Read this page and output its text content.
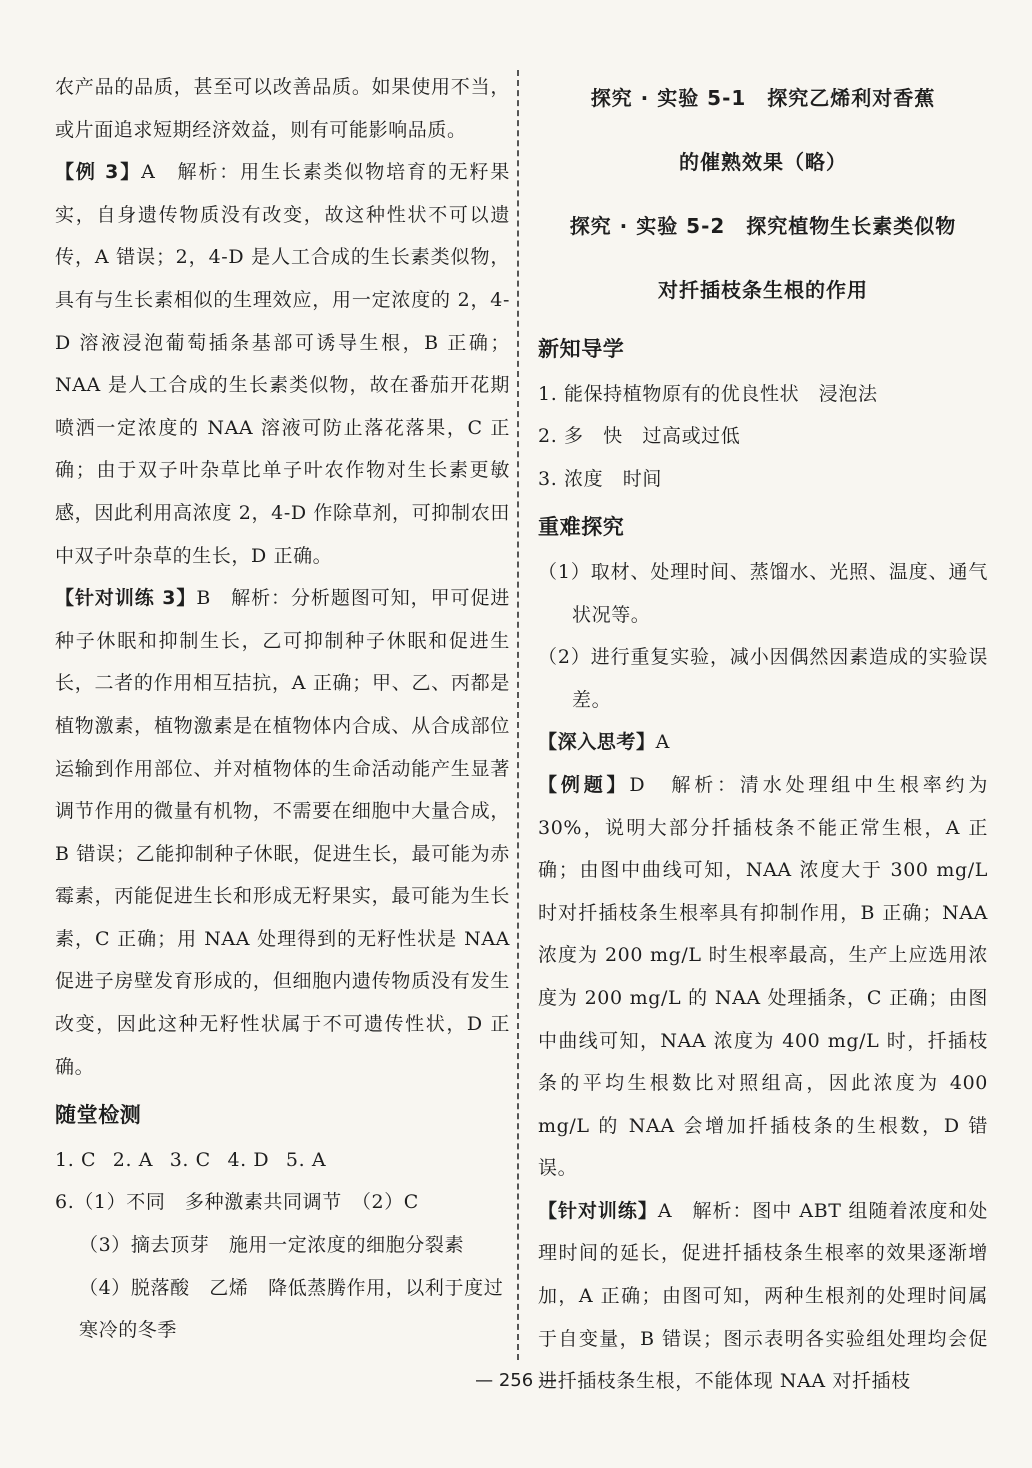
农产品的品质，甚至可以改善品质。如果使用不当，或片面追求短期经济效益，则有可能影响品质。

【例 3】A　解析：用生长素类似物培育的无籽果实，自身遗传物质没有改变，故这种性状不可以遗传，A 错误；2，4-D 是人工合成的生长素类似物，具有与生长素相似的生理效应，用一定浓度的 2，4-D 溶液浸泡葡萄插条基部可诱导生根，B 正确；NAA 是人工合成的生长素类似物，故在番茄开花期喷洒一定浓度的 NAA 溶液可防止落花落果，C 正确；由于双子叶杂草比单子叶农作物对生长素更敏感，因此利用高浓度 2，4-D 作除草剂，可抑制农田中双子叶杂草的生长，D 正确。

【针对训练 3】B　解析：分析题图可知，甲可促进种子休眠和抑制生长，乙可抑制种子休眠和促进生长，二者的作用相互拮抗，A 正确；甲、乙、丙都是植物激素，植物激素是在植物体内合成、从合成部位运输到作用部位、并对植物体的生命活动能产生显著调节作用的微量有机物，不需要在细胞中大量合成，B 错误；乙能抑制种子休眠，促进生长，最可能为赤霉素，丙能促进生长和形成无籽果实，最可能为生长素，C 正确；用 NAA 处理得到的无籽性状是 NAA 促进子房壁发育形成的，但细胞内遗传物质没有发生改变，因此这种无籽性状属于不可遗传性状，D 正确。

随堂检测
1. C 2. A 3. C 4. D 5. A
6.（1）不同　多种激素共同调节　（2）C
（3）摘去顶芽　施用一定浓度的细胞分裂素
（4）脱落酸　乙烯　降低蒸腾作用，以利于度过寒冷的冬季
探究 · 实验 5-1　探究乙烯利对香蕉
的催熟效果（略）
探究 · 实验 5-2　探究植物生长素类似物
对扦插枝条生根的作用
新知导学
1. 能保持植物原有的优良性状　浸泡法
2. 多　快　过高或过低
3. 浓度　时间
重难探究

（1）取材、处理时间、蒸馏水、光照、温度、通气状况等。

（2）进行重复实验，减小因偶然因素造成的实验误差。

【深入思考】A

【例题】D　解析：清水处理组中生根率约为 30%，说明大部分扦插枝条不能正常生根，A 正确；由图中曲线可知，NAA 浓度大于 300 mg/L 时对扦插枝条生根率具有抑制作用，B 正确；NAA 浓度为 200 mg/L 时生根率最高，生产上应选用浓度为 200 mg/L 的 NAA 处理插条，C 正确；由图中曲线可知，NAA 浓度为 400 mg/L 时，扦插枝条的平均生根数比对照组高，因此浓度为 400 mg/L 的 NAA 会增加扦插枝条的生根数，D 错误。

【针对训练】A　解析：图中 ABT 组随着浓度和处理时间的延长，促进扦插枝条生根率的效果逐渐增加，A 正确；由图可知，两种生根剂的处理时间属于自变量，B 错误；图示表明各实验组处理均会促进扦插枝条生根，不能体现 NAA 对扦插枝

— 256 —
